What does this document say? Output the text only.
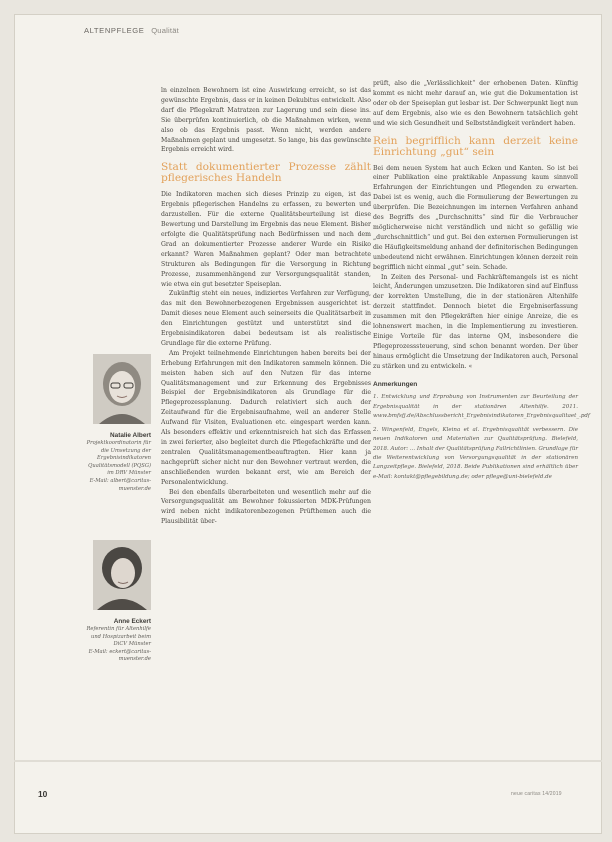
ALTENPFLEGE Qualität

ln einzelnen Bewohnern ist eine Auswirkung erreicht, so ist das gewünschte Ergebnis, dass er in keinen Dekubitus entwickelt. Also darf die Pflegekraft Matratzen zur Lagerung und sein diese ins. Sie überprüfen kontinuierlich, ob die Maßnahmen wirken, wenn also ob das Ergebnis passt. Wenn nicht, werden andere Maßnahmen geplant und umgesetzt. So lange, bis das gewünschte Ergebnis erreicht wird.

Statt dokumentierter Prozesse zählt pflegerisches Handeln

Die Indikatoren machen sich dieses Prinzip zu eigen, ist das Ergebnis pflegerischen Handelns zu erfassen, zu bewerten und darzustellen. Für die externe Qualitätsbeurteilung ist diese Bewertung und Darstellung im Ergebnis das neue Element. Bisher erfolgte die Qualitätsprüfung nach Bedürfnissen und nach dem Grad an dokumentierter Prozesse anderer Wurde ein Risiko erkannt? Waren Maßnahmen geplant? Oder man betrachtete Strukturen als Bedingungen für die Versorgung in Richtung Prozesse, zusammenhängend zur Versorgungsqualität standen, wie etwa ein gut besetzter Speiseplan.

Zukünftig steht ein neues, indiziertes Verfahren zur Verfügung, das mit den Bewohnerbezogenen Ergebnissen ausgerichtet ist. Damit dieses neue Element auch seinerseits die Qualitätsarbeit in den Einrichtungen gestützt und unterstützt sind die Ergebnisindikatoren dabei bedeutsam ist als realistische Grundlage für die externe Prüfung.

Am Projekt teilnehmende Einrichtungen haben bereits bei der Erhebung Erfahrungen mit den Indikatoren sammeln können. Die meisten haben sich auf den Nutzen für das interne Qualitätsmanagement und zur Erkennung des Ergebnisses Beispiel der Ergebnisindikatoren als Grundlage für die Pflegeprozessplanung. Dadurch relativiert sich auch der Zeitaufwand für die Ergebnisaufnahme, weil an anderer Stelle Aufwand für Visiten, Evaluationen etc. eingespart werden kann. Als besonders effektiv und erkenntnisreich hat sich das Erfassen in zwei ferierter, also begleitet durch die Pflegefachkräfte und der zentralen Qualitätsmanagementbeauftragten. Hier kann ja nachgeprüft sicher nicht nur den Bewohner vertraut werden, die anschließenden wurden bekannt erst, wie am Bereich der Personalentwicklung.

Bei den ebenfalls überarbeiteten und wesentlich mehr auf die Versorgungsqualität am Bewohner fokussierten MDK-Prüfungen wird neben nicht indikatorenbezogenen Prüfthemen auch die Plausibilität über-

prüft, also die „Verlässlichkeit“ der erhobenen Daten. Künftig kommt es nicht mehr darauf an, wie gut die Dokumentation ist oder ob der Speiseplan gut lesbar ist. Der Schwerpunkt liegt nun auf dem Ergebnis, also wie es den Bewohnern tatsächlich geht und wie sich Gesundheit und Selbstständigkeit verändert haben.

Rein begrifflich kann derzeit keine Einrichtung „gut“ sein

Bei dem neuen System hat auch Ecken und Kanten. So ist bei einer Publikation eine praktikable Anpassung kaum sinnvoll Erfahrungen der Einrichtungen und Pflegenden zu erwarten. Dabei ist es wenig, auch die Formulierung der Bewertungen zu überprüfen. Die Bezeichnungen im internen Verfahren anhand des Begriffs des „Durchschnitts“ sind für die Verbraucher möglicherweise nicht verständlich und nicht so gefällig wie „durchschnittlich“ und gut. Bei den externen Formulierungen ist die Häufigkeitsmeldung anhand der definitorischen Bedingungen unbedeutend nicht erwähnen. Einrichtungen können derzeit rein begrifflich nicht einmal „gut“ sein. Schade.

In Zeiten des Personal- und Fachkräftemangels ist es nicht leicht, Änderungen umzusetzen. Die Indikatoren sind auf Einfluss der korrekten Umstellung, die in der stationären Altenhilfe derzeit stattfindet. Dennoch bietet die Ergebniserfassung zusammen mit den Pflegekräften hier einige Anreize, die es lohnenswert machen, in die Implementierung zu investieren. Einige Vorteile für das interne QM, insbesondere die Pflegeprozesssteuerung, sind schon benannt worden. Der über hinaus ermöglicht die Umsetzung der Indikatoren auch, Personal zu stärken und zu entwickeln. «

Anmerkungen

1. Entwicklung und Erprobung von Instrumenten zur Beurteilung der Ergebnisqualität in der stationären Altenhilfe. 2011. www.bmfsfj.de/Abschlussbericht_Ergebnisindikatoren_Ergebnisqualitaet_.pdf

2. Wingenfeld, Engels, Kleina et al. Ergebnisqualität verbessern. Die neuen Indikatoren und Materialien zur Qualitätsprüfung. Bielefeld, 2018. Autor: ... Inhalt der Qualitätsprüfung Fallrichtlinien. Grundlage für die Weiterentwicklung von Versorgungsqualität in der stationären Langzeitpflege. Bielefeld, 2018. Beide Publikationen sind erhältlich über e-Mail: kontakt@pflegebildung.de; oder pflege@uni-bielefeld.de

Natalie Albert
Projektkoordinatorin für die Umsetzung der Ergebnisindikatoren Qualitätsmodell (PQSG) im DRV Münster
E-Mail: albert@caritas-muenster.de
Anne Eckert
Referentin für Altenhilfe und Hospizarbeit beim DiCV Münster
E-Mail: eckert@caritas-muenster.de
10	neue caritas 14/2019
